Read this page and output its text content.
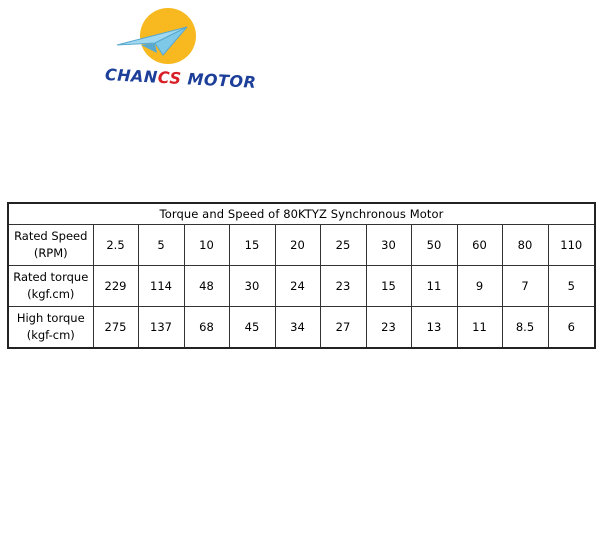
CHANCS MOTOR
Torque and Speed of 80KTYZ Synchronous Motor											
Rated Speed
(RPM)	2.5	5	10	15	20	25	30	50	60	80	110
Rated torque
(kgf.cm)	229	114	48	30	24	23	15	11	9	7	5
High torque
(kgf-cm)	275	137	68	45	34	27	23	13	11	8.5	6
